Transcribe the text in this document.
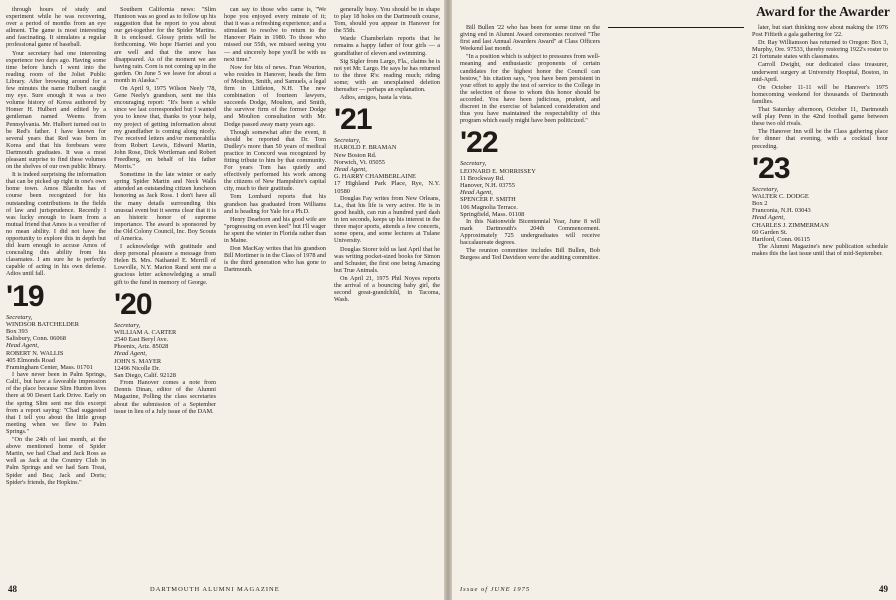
through hours of study and experiment while he was recovering, over a period of months from an eye ailment. The game is most interesting and fascinating. It simulates a regular professional game of baseball.

Your secretary had one interesting experience two days ago. Having some time before lunch I went into the reading room of the Joliet Public Library. After browsing around for a few minutes the name Hulbert caught my eye. Sure enough it was a two volume history of Korea authored by Homer H. Hulbert and edited by a gentleman named Weems from Pennsylvania. Mr. Hulbert turned out to be Red's father. I have known for several years that Red was born in Korea and that his forebears were Dartmouth graduates. It was a most pleasant surprise to find these volumes on the shelves of our own public library.

It is indeed surprising the information that can be picked up right in one's own home town. Amos Blandin has of course been recognized for his outstanding contributions in the fields of law and jurisprudence. Recently I was lucky enough to learn from a mutual friend that Amos is a versifier of no mean ability. I did not have the opportunity to explore this in depth but did learn enough to accuse Amos of concealing this ability from his classmates. I am sure he is perfectly capable of acting in his own defense. Adios until fall.

'19
Secretary,
WINDSOR BATCHELDER
Box 393
Salisbury, Conn. 06068
Head Agent,
ROBERT N. WALLIS
405 Elmonds Road
Framingham Center, Mass. 01701

I have never been in Palm Springs, Calif., but have a favorable impression of the place because Slim Hunton lives there at 90 Desert Lark Drive. Early on the spring Slim sent me this excerpt from a report saying: "Chad suggested that I tell you about the little group meeting when we flew to Palm Springs."

"On the 24th of last month, at the above mentioned home of Spider Martin, we had Chad and Jack Ross as well as Jack at the Country Club in Palm Springs and we had Sam Treat, Spider and Bea; Jack and Doris; Spider's friends, the Hopkins."

Southern California news: "Slim Huntoon was so good as to follow up his suggestion that he report to you about our get-together for the Spider Martins. It is enclosed. Glossy prints will be forthcoming. We hope Harriet and you are well and that the snow has disappeared. As of the moment we are having rain. Corn is not coming up in the garden. On June 5 we leave for about a month in Alaska."

On April 9, 1975 Wilson Neely '78, Gene Neely's grandson, sent me this encouraging report: "It's been a while since we last corresponded but I wanted you to know that, thanks to your help, my project of getting information about my grandfather is coming along nicely. I've received letters and/or memorabilia from Robert Lewis, Edward Martin, John Rose, Dick Wortleman and Robert Freedberg, on behalf of his father Morris."

Sometime in the late winter or early spring Spider Martin and Neck Walls attended an outstanding citizen luncheon honoring as Jack Ross. I don't have all the many details surrounding this unusual event but it seems clear that it is an historic honor of supreme importance. The award is sponsored by the Old Colony Council, Inc. Boy Scouts of America.

I acknowledge with gratitude and deep personal pleasure a message from Helen B. Mrs. Nathaniel E. Merrill of Lowville, N.Y. Marion Rand sent me a gracious letter acknowledging a small gift to the fund in memory of George.

'20
Secretary,
WILLIAM A. CARTER
2540 East Beryl Ave.
Phoenix, Ariz. 85028
Head Agent,
JOHN S. MAYER
12496 Nicolle Dr.
San Diego, Calif. 92128

From Hanover comes a note from Dennis Dinan, editor of the Alumni Magazine, Polling the class secretaries about the submission of a September issue in lieu of a July issue of the DAM.

can say to those who came is, "We hope you enjoyed every minute of it; that it was a refreshing experience; and a stimulant to resolve to return to the Hanover Plain in 1980. To those who missed our 55th, we missed seeing you — and sincerely hope you'll be with us next time."

Now for bits of news. Fran Wourton, who resides in Hanover, heads the firm of Moulton, Smith, and Samuels, a legal firm in Littleton, N.H. The new combination of fourteen lawyers, succeeds Dodge, Moulton, and Smith, the survivor firm of the former Dodge and Moulton consultation with Mr. Dodge passed away many years ago.

Though somewhat after the event, it should be reported that Dr. Tom Dudley's more than 50 years of medical practice in Concord was recognized by fitting tribute to him by that community. For years Tom has quietly and effectively performed his work among the citizens of New Hampshire's capital city, much to their gratitude.

Tom Lombard reports that his grandson has graduated from Williams and is heading for Yale for a Ph.D.

Henry Dearborn and his good wife are "progressing on even keel" but I'll wager he spent the winter in Florida rather than in Maine.

Don MacKay writes that his grandson Bill Mortimer is in the Class of 1978 and is the third generation who has gone to Dartmouth.

generally busy. You should be in shape to play 18 holes on the Dartmouth course, Tom, should you appear in Hanover for the 55th.

Warde Chamberlain reports that he remains a happy father of four girls — a grandfather of eleven and swimming.

Sig Sigler from Largo, Fla., claims he is not yet Mr. Largo. He says he has returned to the three R's: reading much; riding some; with an unexplained deletion thereafter — perhaps an explanation.

Adios, amigos, hasta la vista.

'21
Secretary,
HAROLD F. BRAMAN
New Boston Rd.
Norwich, Vt. 05055
Head Agent,
G. HARRY CHAMBERLAINE
17 Highland Park Place, Rye, N.Y. 10580

Douglas Fay writes from New Orleans, La., that his life is very active. He is in good health, can run a hundred yard dash in ten seconds, keeps up his interest in the three major sports, attends a few concerts, some opera, and some lectures at Tulane University.

Douglas Storer told us last April that he was writing pocket-sized books for Simon and Schuster, the first one being Amazing but True Animals.

On April 21, 1975 Phil Noyes reports the arrival of a bouncing baby girl, the second great-grandchild, in Tacoma, Wash.

48	DARTMOUTH ALUMNI MAGAZINE
Award for the Awarder

Bill Bullen '22 who has been for some time on the giving end in Alumni Award ceremonies received "The first and last Annual Awarders Award" at Class Officers Weekend last month.

"In a position which is subject to pressures from well-meaning and enthusiastic proponents of certain candidates for the highest honor the Council can bestow," his citation says, "you have been persistent in your effort to apply the test of service to the College in the selection of those to whom this honor should be accorded. You have been judicious, prudent, and discreet in the exercise of balanced consideration and thus you have maintained the respectability of this program which easily might have been politicized."

'22
Secretary,
LEONARD E. MORRISSEY
11 Brockway Rd.
Hanover, N.H. 03755
Head Agent,
SPENCER F. SMITH
106 Magnolia Terrace.
Springfield, Mass. 01108

In this Nationwide Bicentennial Year, June 8 will mark Dartmouth's 204th Commencement. Approximately 725 undergraduates will receive baccalaureate degrees.

The reunion committee includes Bill Bullen, Bob Burgess and Ted Davidson were the auditing committee.

later, but start thinking now about making the 1976 Post Fiftieth a gala gathering for '22.

Dr. Ray Williamson has returned to Oregon: Box 3, Murphy, Ore. 97533, thereby restoring 1922's roster to 21 fortunate states with classmates.

Carroll Dwight, our dedicated class treasurer, underwent surgery at University Hospital, Boston, in mid-April.

On October 11-11 will be Hanover's 1975 homecoming weekend for thousands of Dartmouth families.

That Saturday afternoon, October 11, Dartmouth will play Penn in the 42nd football game between these two old rivals.

The Hanover Inn will be the Class gathering place for dinner that evening, with a cocktail hour preceding.

'23
Secretary,
WALTER C. DODGE
Box 2
Franconia, N.H. 03043
Head Agent,
CHARLES J. ZIMMERMAN
60 Garden St.
Hartford, Conn. 06115

The Alumni Magazine's new publication schedule makes this the last issue until that of mid-September.

Issue of JUNE 1975	49
